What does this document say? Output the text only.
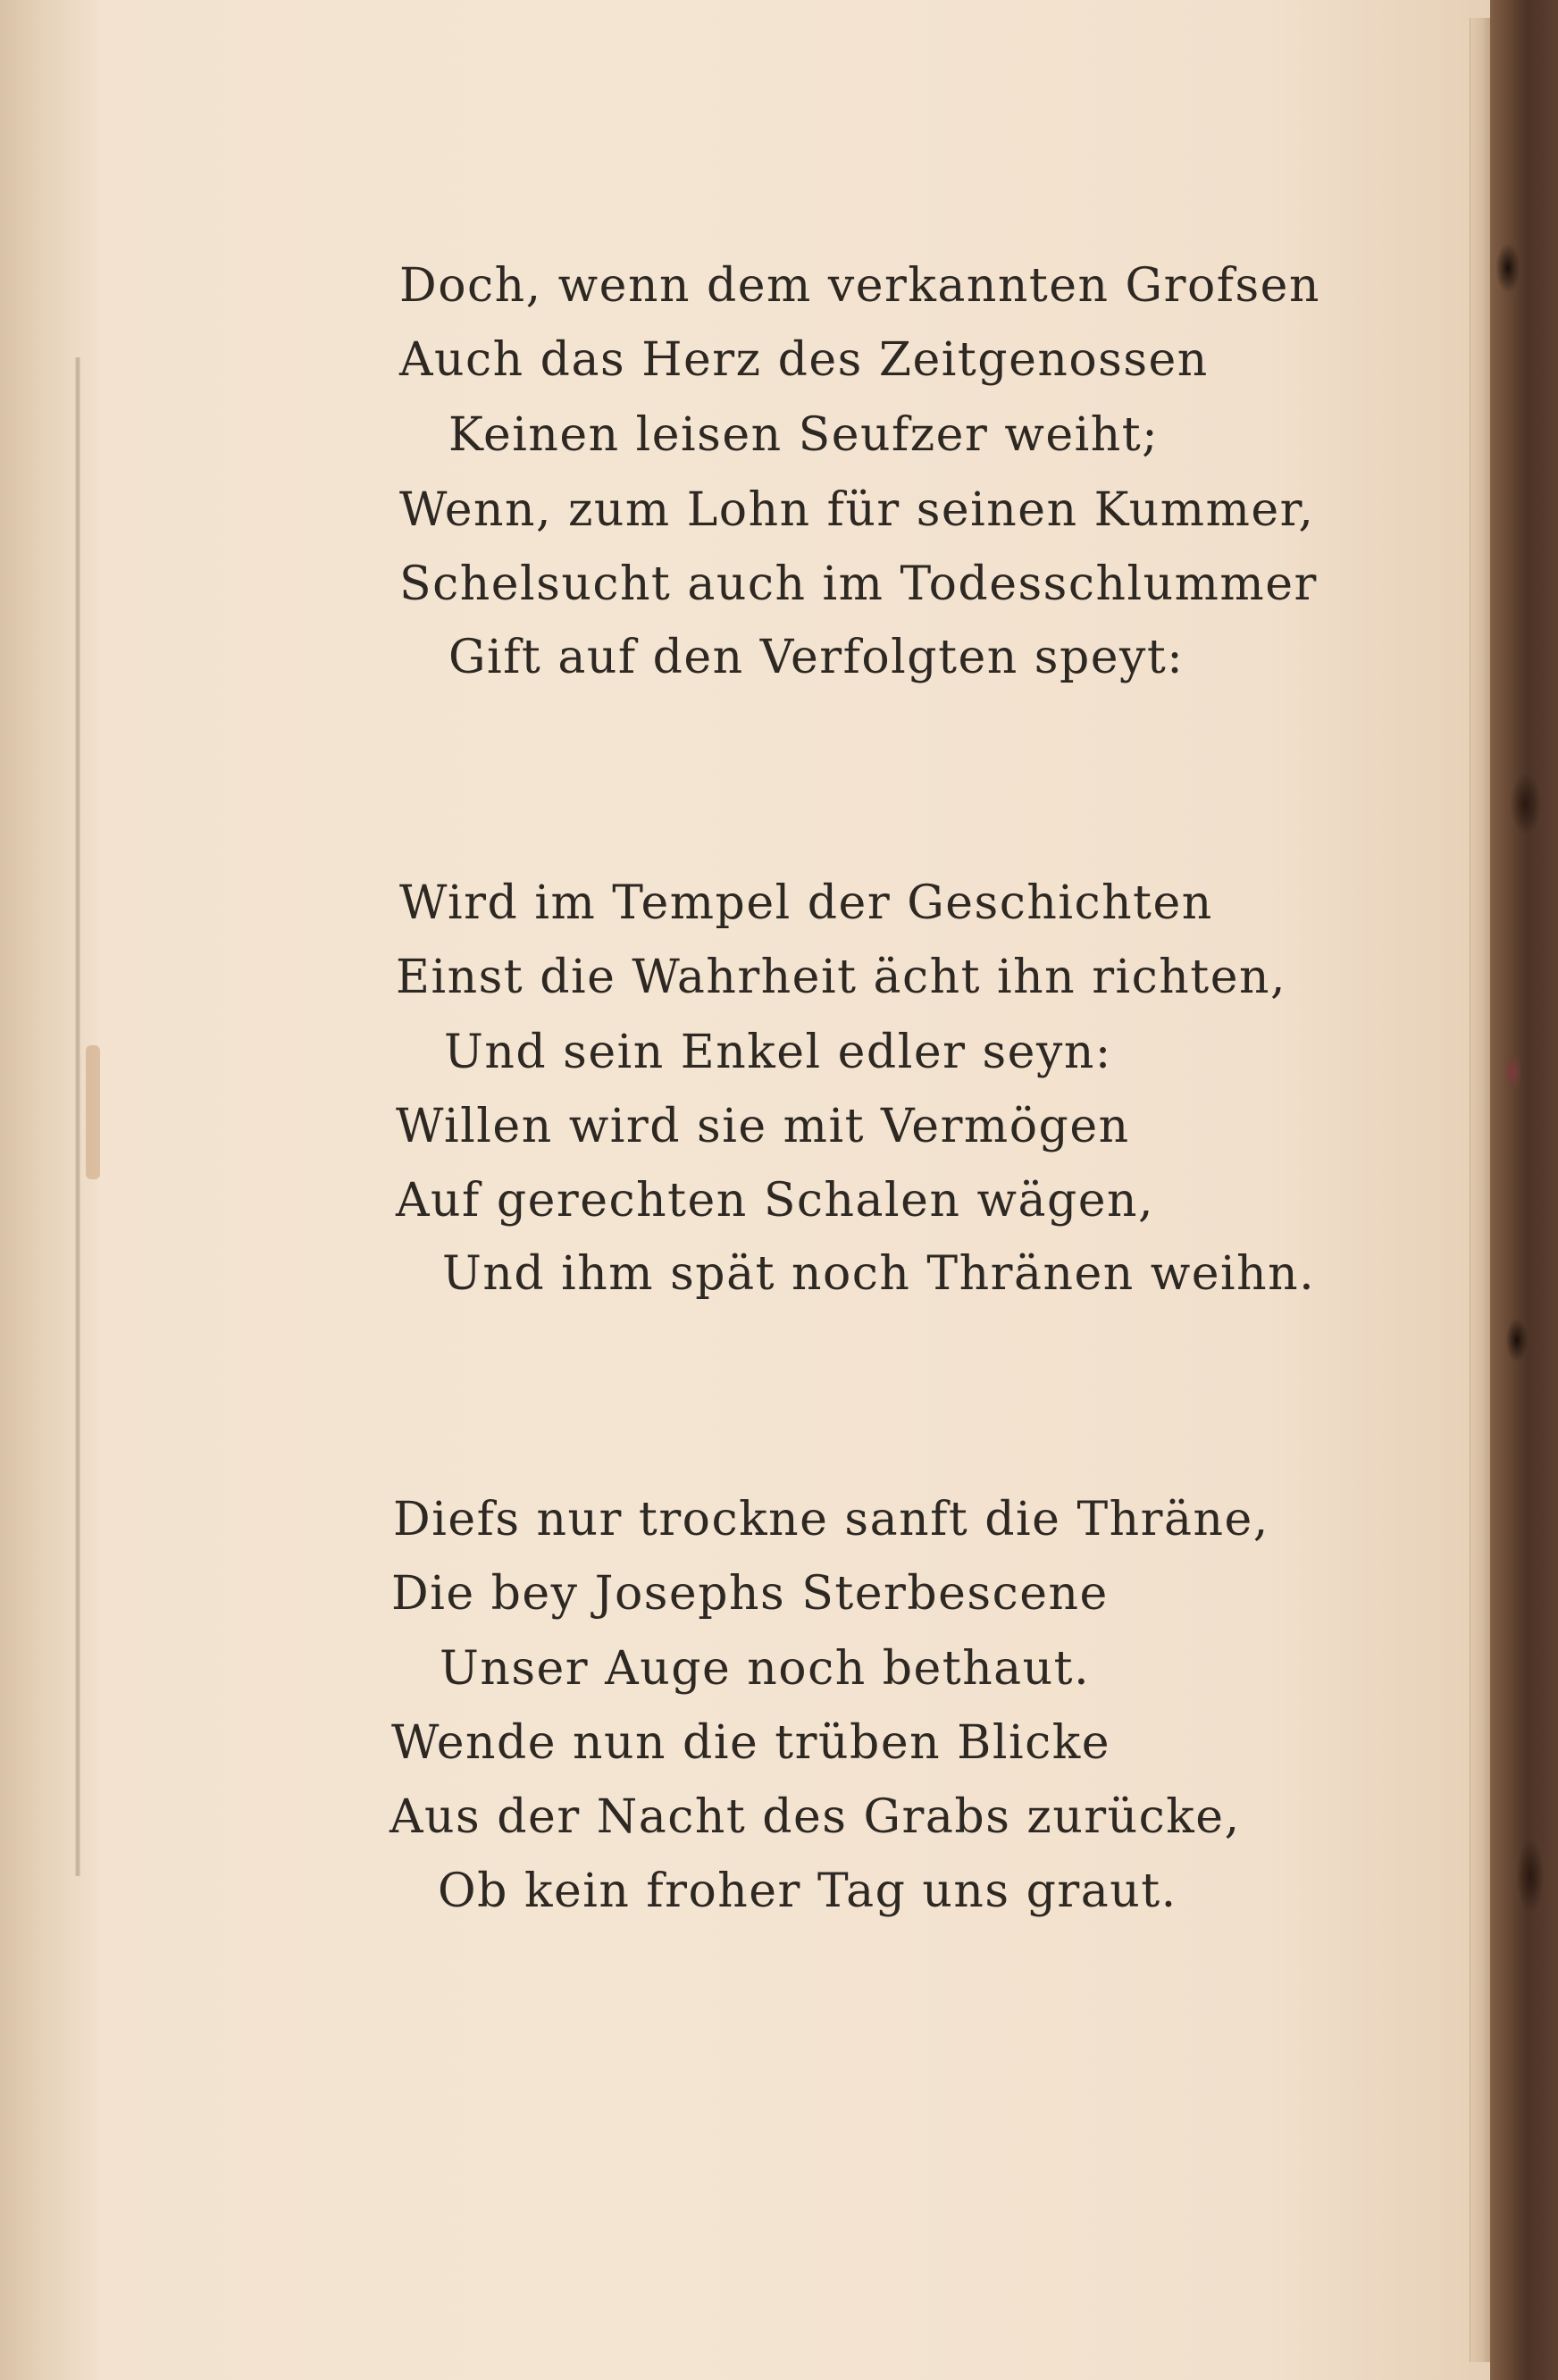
Doch, wenn dem verkannten Grofsen
Auch das Herz des Zeitgenossen
Keinen leisen Seufzer weiht;
Wenn, zum Lohn für seinen Kummer,
Schelsucht auch im Todesschlummer
Gift auf den Verfolgten speyt:
Wird im Tempel der Geschichten
Einst die Wahrheit ächt ihn richten,
Und sein Enkel edler seyn:
Willen wird sie mit Vermögen
Auf gerechten Schalen wägen,
Und ihm spät noch Thränen weihn.
Diefs nur trockne sanft die Thräne,
Die bey Josephs Sterbescene
Unser Auge noch bethaut.
Wende nun die trüben Blicke
Aus der Nacht des Grabs zurücke,
Ob kein froher Tag uns graut.
